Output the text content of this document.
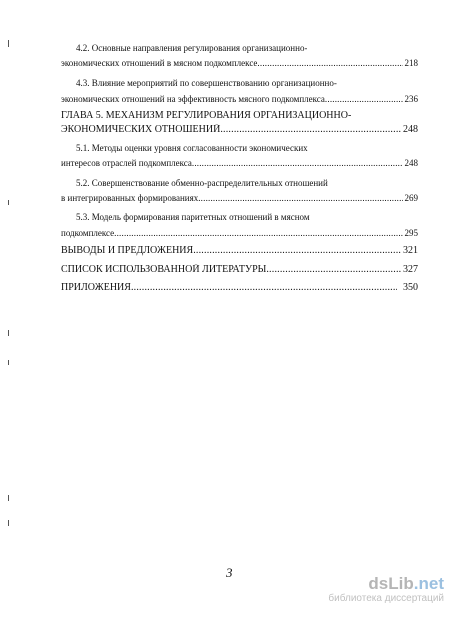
4.2. Основные направления регулирования организационно-
экономических отношений в мясном подкомплексе .....	218
4.3. Влияние мероприятий по совершенствованию организационно-
экономических отношений на эффективность мясного подкомплекса .....	236
ГЛАВА 5. МЕХАНИЗМ РЕГУЛИРОВАНИЯ ОРГАНИЗАЦИОННО-
ЭКОНОМИЧЕСКИХ ОТНОШЕНИЙ .....	248
5.1. Методы оценки уровня согласованности экономических
интересов отраслей подкомплекса .....	248
5.2. Совершенствование обменно-распределительных отношений
в интегрированных формированиях .....	269
5.3. Модель формирования паритетных отношений в мясном
подкомплексе .....	295
ВЫВОДЫ И ПРЕДЛОЖЕНИЯ .....	321
СПИСОК ИСПОЛЬЗОВАННОЙ ЛИТЕРАТУРЫ .....	327
ПРИЛОЖЕНИЯ .....	350
3
dsLib.net
библиотека диссертаций
